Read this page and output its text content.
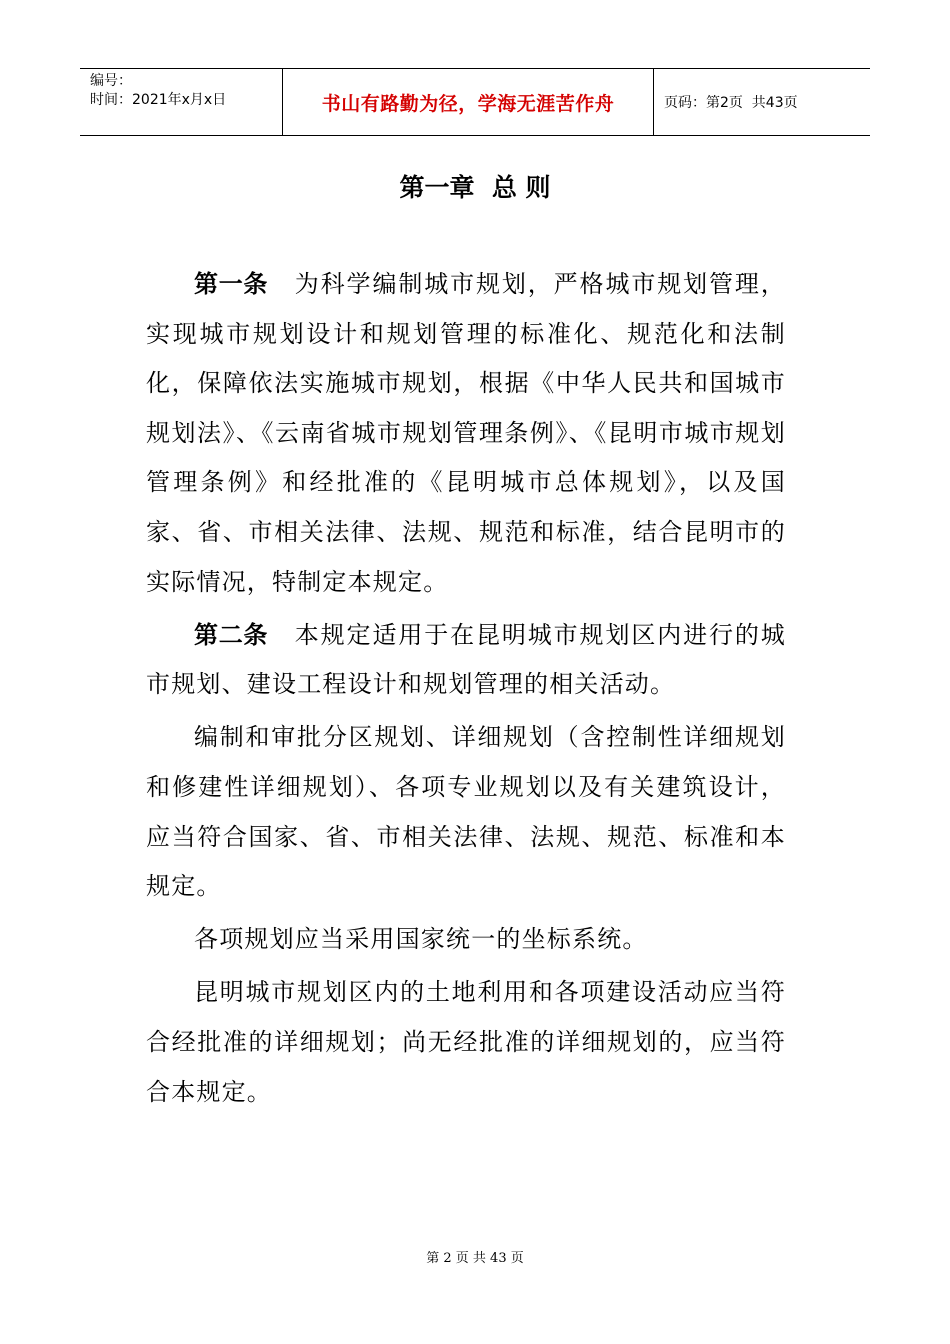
编号：
时间：2021年x月x日	书山有路勤为径，学海无涯苦作舟	页码：第2页  共43页
第一章  总 则

第一条 为科学编制城市规划，严格城市规划管理，实现城市规划设计和规划管理的标准化、规范化和法制化，保障依法实施城市规划，根据《中华人民共和国城市规划法》、《云南省城市规划管理条例》、《昆明市城市规划管理条例》和经批准的《昆明城市总体规划》，以及国家、省、市相关法律、法规、规范和标准，结合昆明市的实际情况，特制定本规定。

第二条 本规定适用于在昆明城市规划区内进行的城市规划、建设工程设计和规划管理的相关活动。

编制和审批分区规划、详细规划（含控制性详细规划和修建性详细规划）、各项专业规划以及有关建筑设计，应当符合国家、省、市相关法律、法规、规范、标准和本规定。

各项规划应当采用国家统一的坐标系统。

昆明城市规划区内的土地利用和各项建设活动应当符合经批准的详细规划；尚无经批准的详细规划的，应当符合本规定。

第 2 页 共 43 页
